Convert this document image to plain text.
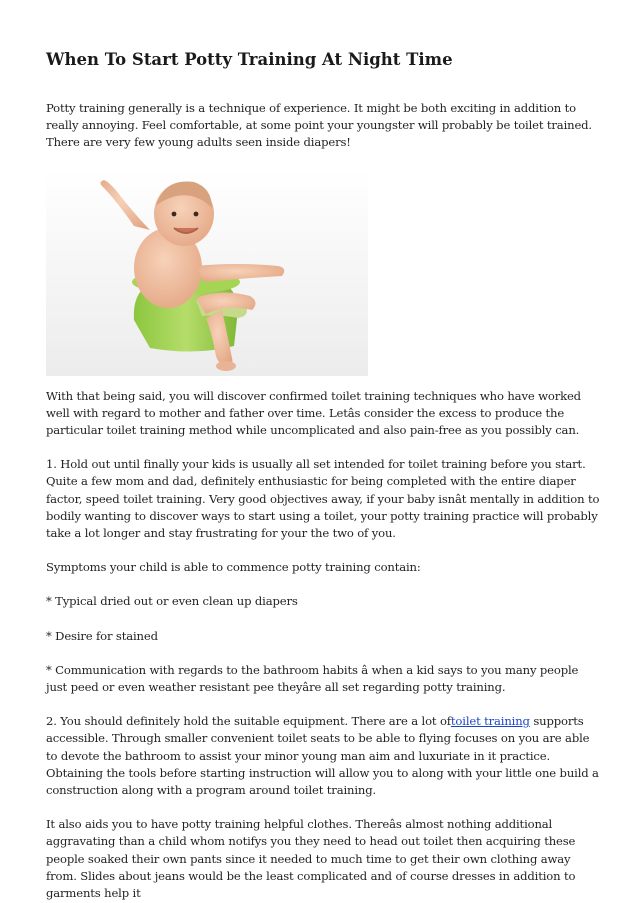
When To Start Potty Training At Night Time

Potty training generally is a technique of experience. It might be both exciting in addition to really annoying. Feel comfortable, at some point your youngster will probably be toilet trained. There are very few young adults seen inside diapers!

With that being said, you will discover confirmed toilet training techniques who have worked well with regard to mother and father over time. Letâs consider the excess to produce the particular toilet training method while uncomplicated and also pain-free as you possibly can.

1. Hold out until finally your kids is usually all set intended for toilet training before you start. Quite a few mom and dad, definitely enthusiastic for being completed with the entire diaper factor, speed toilet training. Very good objectives away, if your baby isnât mentally in addition to bodily wanting to discover ways to start using a toilet, your potty training practice will probably take a lot longer and stay frustrating for your the two of you.

Symptoms your child is able to commence potty training contain:

* Typical dried out or even clean up diapers

* Desire for stained

* Communication with regards to the bathroom habits â when a kid says to you many people just peed or even weather resistant pee theyâre all set regarding potty training.

2. You should definitely hold the suitable equipment. There are a lot oftoilet training supports accessible. Through smaller convenient toilet seats to be able to flying focuses on you are able to devote the bathroom to assist your minor young man aim and luxuriate in it practice. Obtaining the tools before starting instruction will allow you to along with your little one build a construction along with a program around toilet training.

It also aids you to have potty training helpful clothes. Thereâs almost nothing additional aggravating than a child whom notifys you they need to head out toilet then acquiring these people soaked their own pants since it needed to much time to get their own clothing away from. Slides about jeans would be the least complicated and of course dresses in addition to garments help it
